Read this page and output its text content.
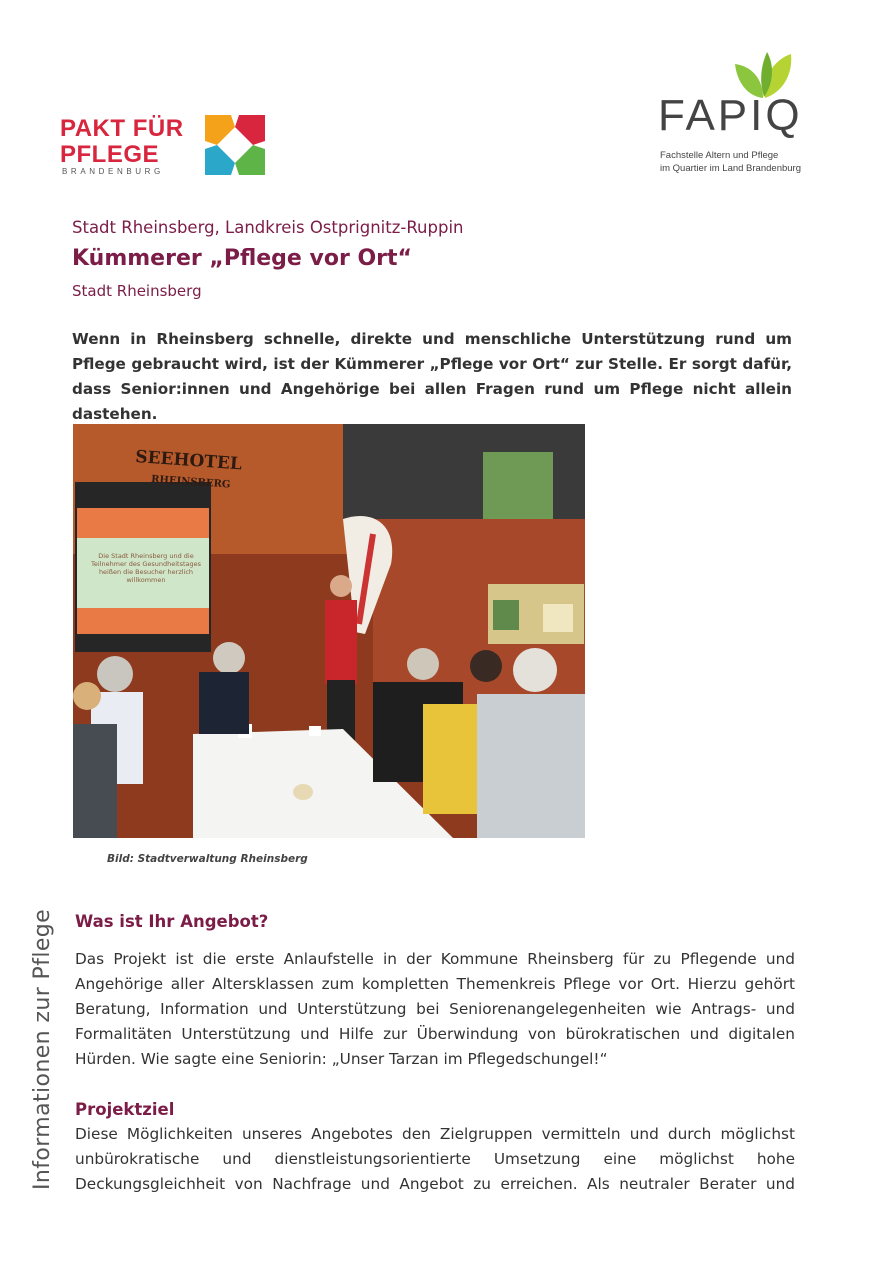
PAKT FÜR
PFLEGE
BRANDENBURG
FAPIQ
Fachstelle Altern und Pflege
im Quartier im Land Brandenburg
Stadt Rheinsberg, Landkreis Ostprignitz-Ruppin
Kümmerer „Pflege vor Ort“
Stadt Rheinsberg
Wenn in Rheinsberg schnelle, direkte und menschliche Unterstützung rund um Pflege gebraucht wird, ist der Kümmerer „Pflege vor Ort“ zur Stelle. Er sorgt dafür, dass Senior:innen und Angehörige bei allen Fragen rund um Pflege nicht allein dastehen.
Die Stadt Rheinsberg und die Teilnehmer des Gesundheitstages heißen die Besucher herzlich willkommen
SEEHOTEL
RHEINSBERG
Bild: Stadtverwaltung Rheinsberg
Informationen zur Pflege Was ist Ihr Angebot?
Das Projekt ist die erste Anlaufstelle in der Kommune Rheinsberg für zu Pflegende und
Angehörige aller Altersklassen zum kompletten Themenkreis Pflege vor Ort. Hierzu gehört
Beratung, Information und Unterstützung bei Seniorenangelegenheiten wie Antrags- und
Formalitäten Unterstützung und Hilfe zur Überwindung von bürokratischen und digitalen
Hürden. Wie sagte eine Seniorin: „Unser Tarzan im Pflegedschungel!“
Projektziel
Diese Möglichkeiten unseres Angebotes den Zielgruppen vermitteln und durch möglichst
unbürokratische und dienstleistungsorientierte Umsetzung eine möglichst hohe
Deckungsgleichheit von Nachfrage und Angebot zu erreichen. Als neutraler Berater und
